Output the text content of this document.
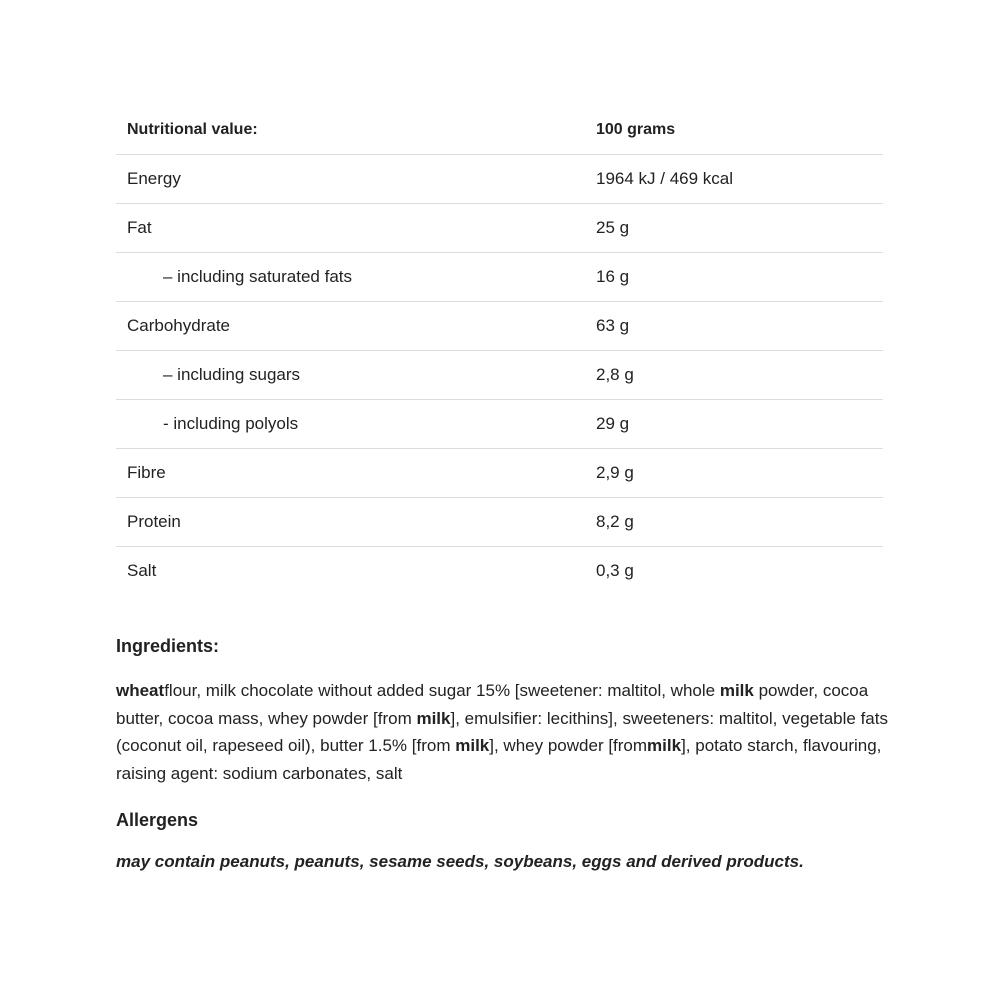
Nutritional value:	100 grams
Energy	1964 kJ / 469 kcal
Fat	25 g
– including saturated fats	16 g
Carbohydrate	63 g
– including sugars	2,8 g
- including polyols	29 g
Fibre	2,9 g
Protein	8,2 g
Salt	0,3 g
Ingredients:

wheatflour, milk chocolate without added sugar 15% [sweetener: maltitol, whole milk powder, cocoa butter, cocoa mass, whey powder [from milk], emulsifier: lecithins], sweeteners: maltitol, vegetable fats (coconut oil, rapeseed oil), butter 1.5% [from milk], whey powder [frommilk], potato starch, flavouring, raising agent: sodium carbonates, salt

Allergens

may contain peanuts, peanuts, sesame seeds, soybeans, eggs and derived products.
